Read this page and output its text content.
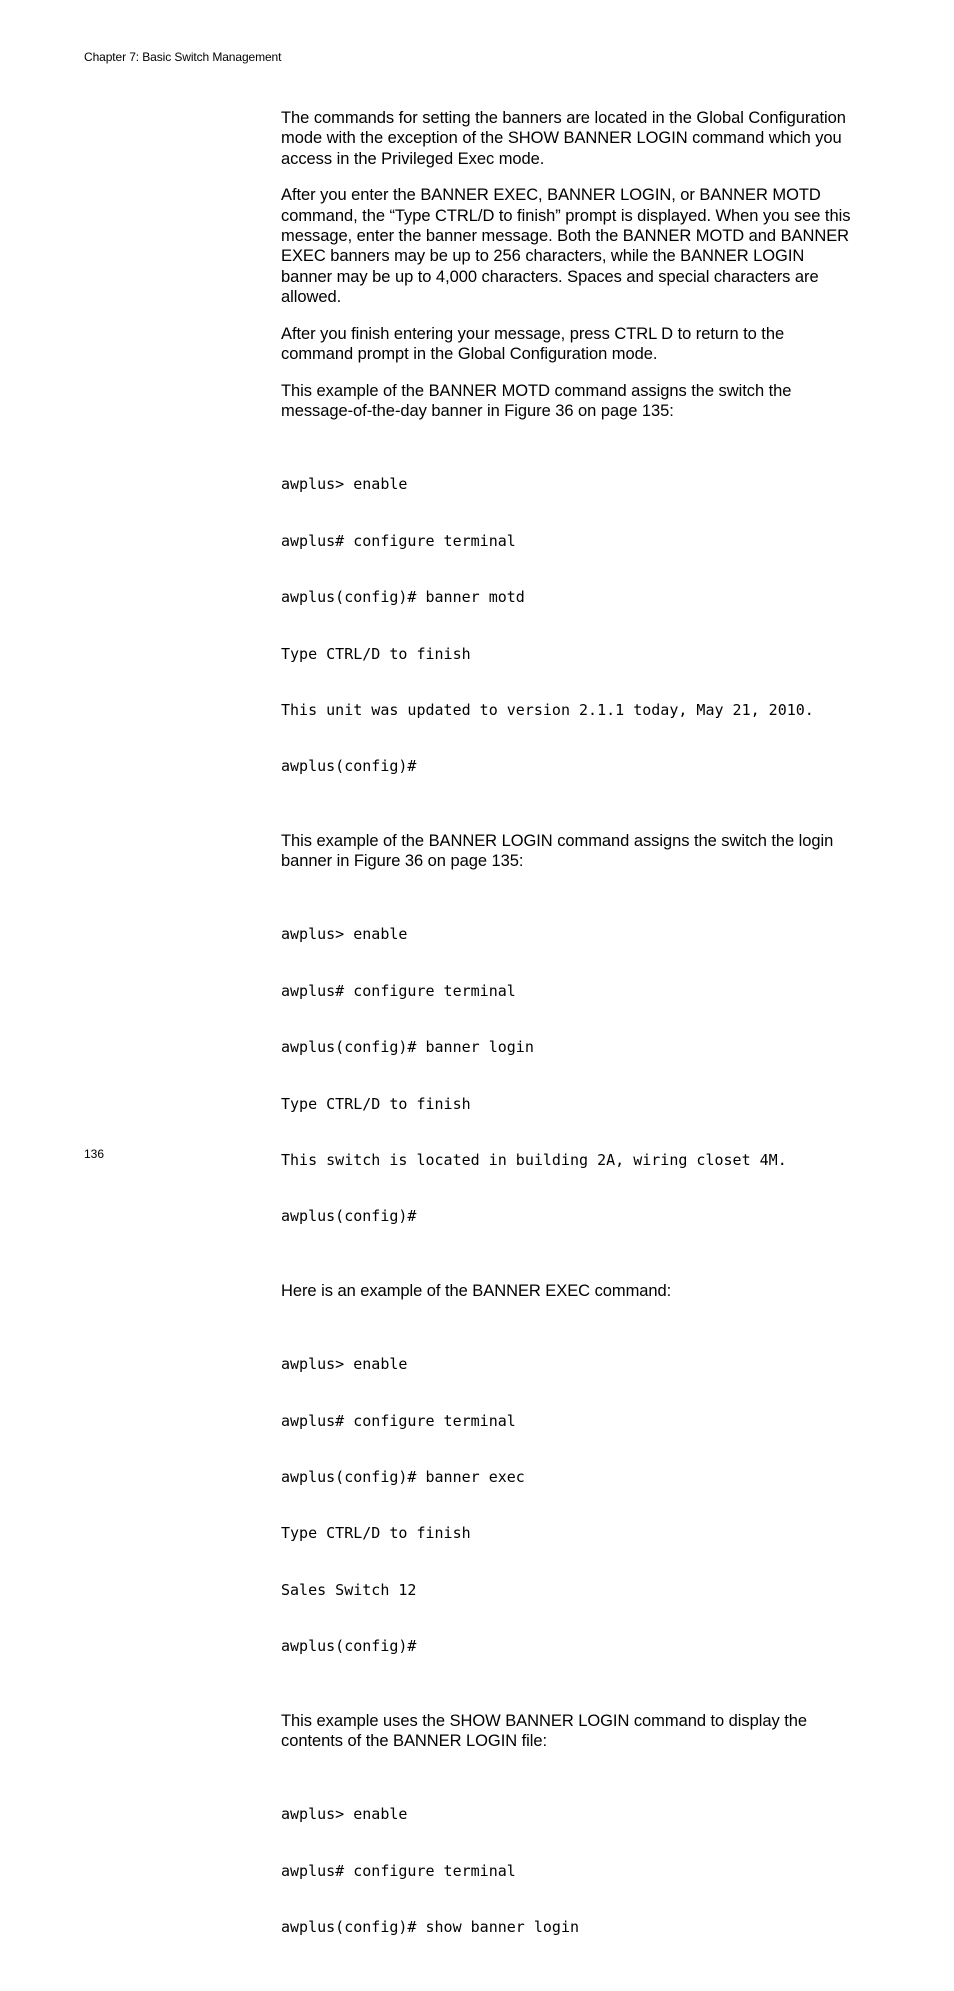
Chapter 7: Basic Switch Management

The commands for setting the banners are located in the Global Configuration mode with the exception of the SHOW BANNER LOGIN command which you access in the Privileged Exec mode.

After you enter the BANNER EXEC, BANNER LOGIN, or BANNER MOTD command, the “Type CTRL/D to finish” prompt is displayed. When you see this message, enter the banner message. Both the BANNER MOTD and BANNER EXEC banners may be up to 256 characters, while the BANNER LOGIN banner may be up to 4,000 characters. Spaces and special characters are allowed.

After you finish entering your message, press CTRL D to return to the command prompt in the Global Configuration mode.

This example of the BANNER MOTD command assigns the switch the message-of-the-day banner in Figure 36 on page 135:

awplus> enable

awplus# configure terminal

awplus(config)# banner motd

Type CTRL/D to finish

This unit was updated to version 2.1.1 today, May 21, 2010.

awplus(config)#

This example of the BANNER LOGIN command assigns the switch the login banner in Figure 36 on page 135:

awplus> enable

awplus# configure terminal

awplus(config)# banner login

Type CTRL/D to finish

This switch is located in building 2A, wiring closet 4M.

awplus(config)#

Here is an example of the BANNER EXEC command:

awplus> enable

awplus# configure terminal

awplus(config)# banner exec

Type CTRL/D to finish

Sales Switch 12

awplus(config)#

This example uses the SHOW BANNER LOGIN command to display the contents of the BANNER LOGIN file:

awplus> enable

awplus# configure terminal

awplus(config)# show banner login

136
